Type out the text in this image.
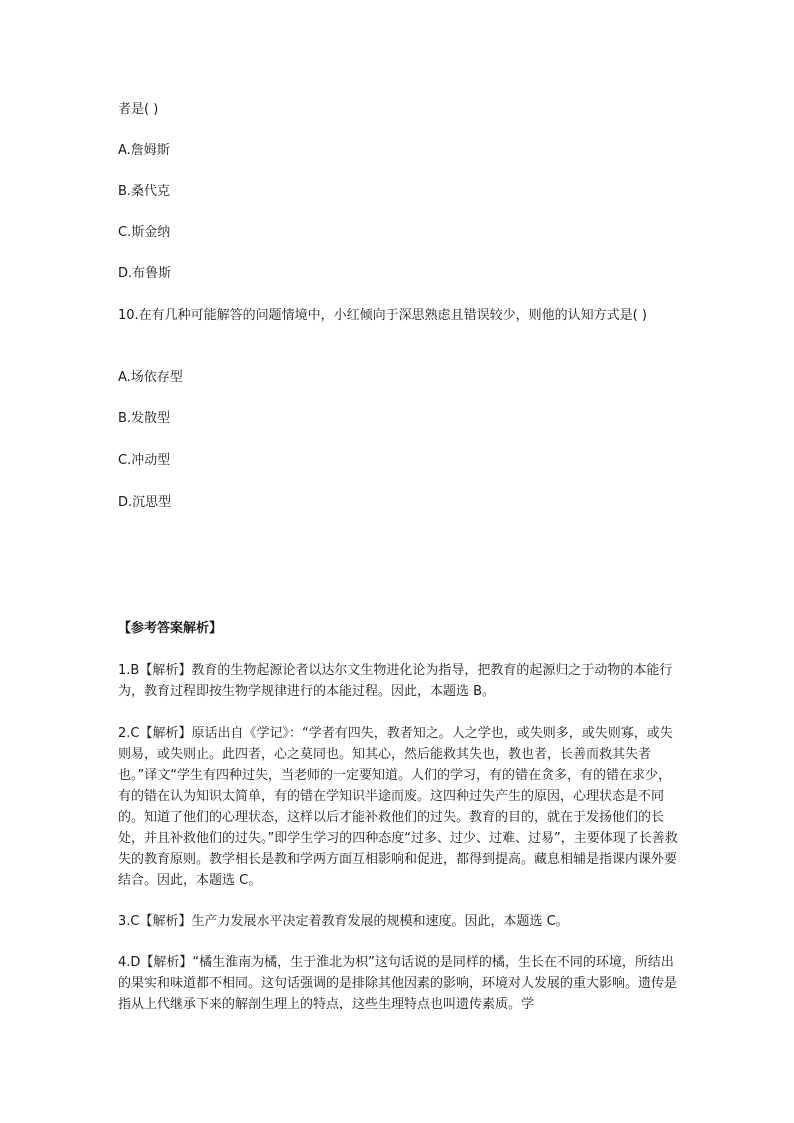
者是( )
A.詹姆斯
B.桑代克
C.斯金纳
D.布鲁斯
10.在有几种可能解答的问题情境中，小红倾向于深思熟虑且错误较少，则他的认知方式是( )
A.场依存型
B.发散型
C.冲动型
D.沉思型
【参考答案解析】
1.B【解析】教育的生物起源论者以达尔文生物进化论为指导，把教育的起源归之于动物的本能行为，教育过程即按生物学规律进行的本能过程。因此，本题选 B。
2.C【解析】原话出自《学记》：“学者有四失，教者知之。人之学也，或失则多，或失则寡，或失则易，或失则止。此四者，心之莫同也。知其心，然后能救其失也，教也者，长善而救其失者也。”译文“学生有四种过失，当老师的一定要知道。人们的学习，有的错在贪多，有的错在求少，有的错在认为知识太简单，有的错在学知识半途而废。这四种过失产生的原因，心理状态是不同的。知道了他们的心理状态，这样以后才能补救他们的过失。教育的目的，就在于发扬他们的长处，并且补救他们的过失。”即学生学习的四种态度“过多、过少、过难、过易”，主要体现了长善救失的教育原则。教学相长是教和学两方面互相影响和促进，都得到提高。藏息相辅是指课内课外要结合。因此，本题选 C。
3.C【解析】生产力发展水平决定着教育发展的规模和速度。因此，本题选 C。
4.D【解析】“橘生淮南为橘，生于淮北为枳”这句话说的是同样的橘，生长在不同的环境，所结出的果实和味道都不相同。这句话强调的是排除其他因素的影响，环境对人发展的重大影响。遗传是指从上代继承下来的解剖生理上的特点，这些生理特点也叫遗传素质。学
